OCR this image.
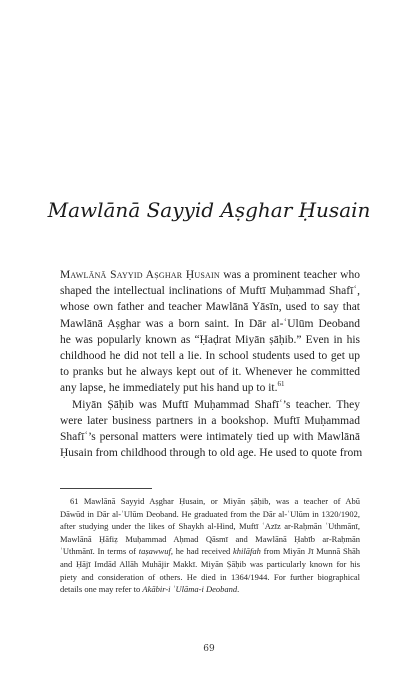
Mawlānā Sayyid Aṣghar Ḥusain
Mawlānā Sayyid Aṣghar Ḥusain was a prominent teacher who
shaped the intellectual inclinations of Muftī Muḥammad Shafīʿ,
whose own father and teacher Mawlānā Yāsīn, used to say that
Mawlānā Aṣghar was a born saint. In Dār al-ʿUlūm Deoband
he was popularly known as “Ḥaḍrat Miyān ṣāḥib.” Even in his
childhood he did not tell a lie. In school students used to get up
to pranks but he always kept out of it. Whenever he committed
any lapse, he immediately put his hand up to it.$^{61}$
Miyān Ṣāḥib was Muftī Muḥammad Shafīʿ’s teacher. They
were later business partners in a bookshop. Muftī Muḥammad
Shafīʿ’s personal matters were intimately tied up with Mawlānā
Ḥusain from childhood through to old age. He used to quote from
61 Mawlānā Sayyid Aṣghar Ḥusain, or Miyān ṣāḥib, was a teacher of Abū
Dāwūd in Dār al-ʿUlūm Deoband. He graduated from the Dār al-ʿUlūm in 1320/1902,
after studying under the likes of Shaykh al-Hind, Muftī ʿAzīz ar-Raḥmān ʿUthmānī,
Mawlānā Ḥāfiẓ Muḥammad Aḥmad Qāsmī and Mawlānā Ḥabīb ar-Raḥmān
ʿUthmānī. In terms of taṣawwuf, he had received khilāfah from Miyān Jī Munnā Shāh
and Ḥājī Imdād Allāh Muhājir Makkī. Miyān Ṣāḥib was particularly known for his
piety and consideration of others. He died in 1364/1944. For further biographical
details one may refer to Akābir-i ʿUlāma-i Deoband.
69
